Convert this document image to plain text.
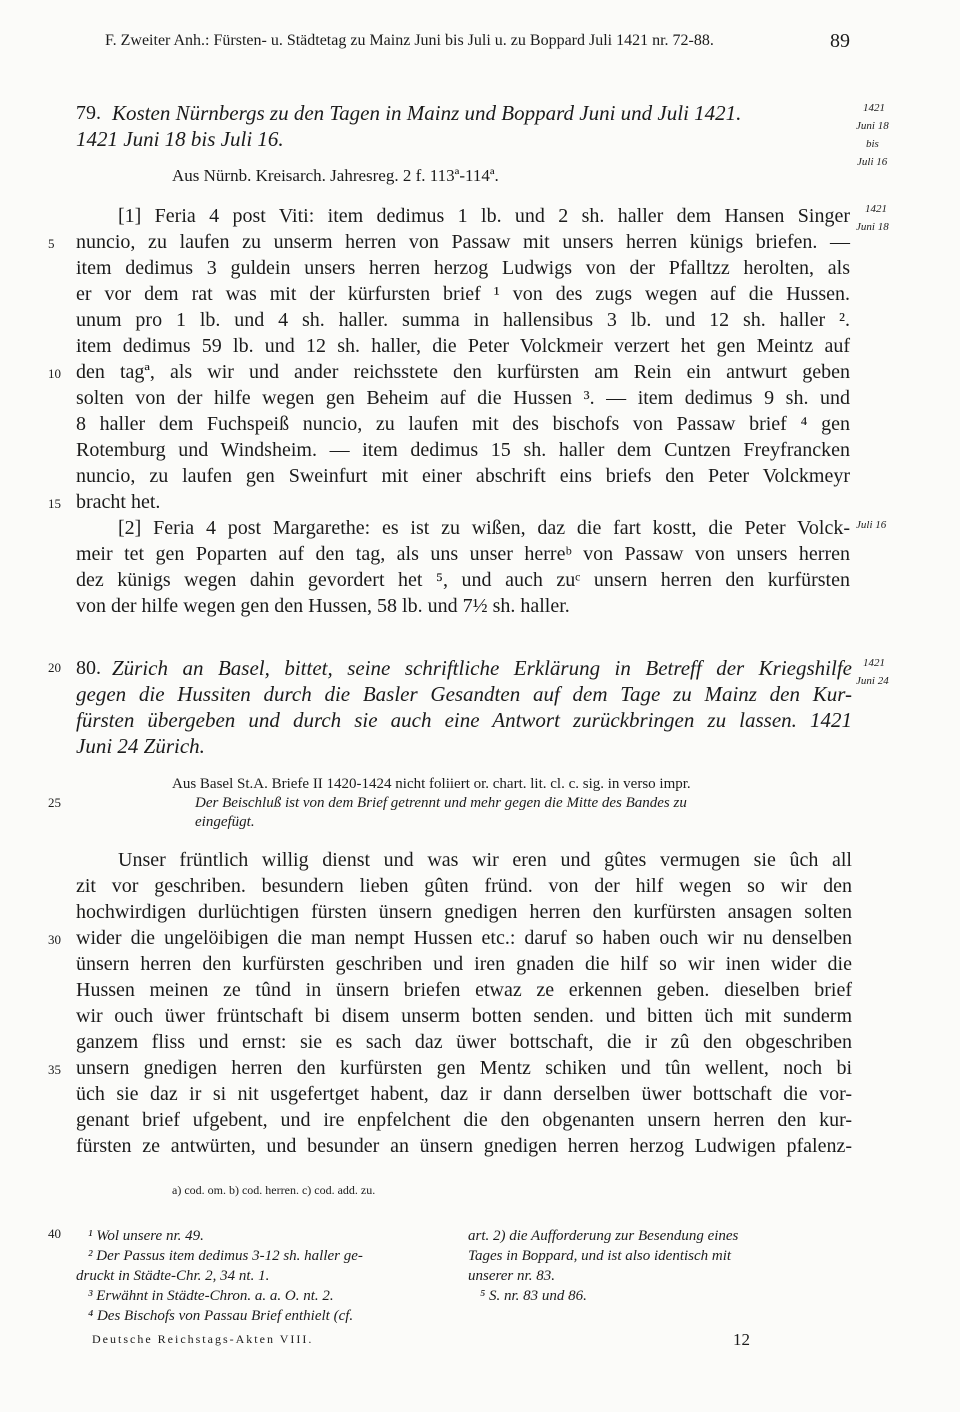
F. Zweiter Anh.: Fürsten- u. Städtetag zu Mainz Juni bis Juli u. zu Boppard Juli 1421 nr. 72-88.	89
79. Kosten Nürnbergs zu den Tagen in Mainz und Boppard Juni und Juli 1421.
1421 Juni 18 bis Juli 16.
1421
Juni 18
bis
Juli 16
Aus Nürnb. Kreisarch. Jahresreg. 2 f. 113ª-114ª.
[1] Feria 4 post Viti: item dedimus 1 lb. und 2 sh. haller dem Hansen Singer
nuncio, zu laufen zu unserm herren von Passaw mit unsers herren künigs briefen. —
item dedimus 3 guldein unsers herren herzog Ludwigs von der Pfalltzz herolten, als
er vor dem rat was mit der kürfursten brief ¹ von des zugs wegen auf die Hussen.
unum pro 1 lb. und 4 sh. haller. summa in hallensibus 3 lb. und 12 sh. haller ².
item dedimus 59 lb. und 12 sh. haller, die Peter Volckmeir verzert het gen Meintz auf
den tagª, als wir und ander reichsstete den kurfürsten am Rein ein antwurt geben
solten von der hilfe wegen gen Beheim auf die Hussen ³. — item dedimus 9 sh. und
8 haller dem Fuchspeiß nuncio, zu laufen mit des bischofs von Passaw brief ⁴ gen
Rotemburg und Windsheim. — item dedimus 15 sh. haller dem Cuntzen Freyfrancken
nuncio, zu laufen gen Sweinfurt mit einer abschrift eins briefs den Peter Volckmeyr
bracht het.
[2] Feria 4 post Margarethe: es ist zu wißen, daz die fart kostt, die Peter Volck-
meir tet gen Poparten auf den tag, als uns unser herreᵇ von Passaw von unsers herren
dez künigs wegen dahin gevordert het ⁵, und auch zuᶜ unsern herren den kurfürsten
von der hilfe wegen gen den Hussen, 58 lb. und 7½ sh. haller.
1421
Juni 18
Juli 16
80. Zürich an Basel, bittet, seine schriftliche Erklärung in Betreff der Kriegshilfe
gegen die Hussiten durch die Basler Gesandten auf dem Tage zu Mainz den Kur-
fürsten übergeben und durch sie auch eine Antwort zurückbringen zu lassen. 1421
Juni 24 Zürich.
1421
Juni 24
Aus Basel St.A. Briefe II 1420-1424 nicht foliiert or. chart. lit. cl. c. sig. in verso impr.
Der Beischluß ist von dem Brief getrennt und mehr gegen die Mitte des Bandes zu
eingefügt.
Unser früntlich willig dienst und was wir eren und gûtes vermugen sie ûch all
zit vor geschriben. besundern lieben gûten fründ. von der hilf wegen so wir den
hochwirdigen durlüchtigen fürsten ünsern gnedigen herren den kurfürsten ansagen solten
wider die ungelöibigen die man nempt Hussen etc.: daruf so haben ouch wir nu denselben
ünsern herren den kurfürsten geschriben und iren gnaden die hilf so wir inen wider die
Hussen meinen ze tûnd in ünsern briefen etwaz ze erkennen geben. dieselben brief
wir ouch üwer früntschaft bi disem unserm botten senden. und bitten üch mit sunderm
ganzem fliss und ernst: sie es sach daz üwer bottschaft, die ir zû den obgeschriben
unsern gnedigen herren den kurfürsten gen Mentz schiken und tûn wellent, noch bi
üch sie daz ir si nit usgefertget habent, daz ir dann derselben üwer bottschaft die vor-
genant brief ufgebent, und ire enpfelchent die den obgenanten unsern herren den kur-
fürsten ze antwürten, und besunder an ünsern gnedigen herren herzog Ludwigen pfalenz-
a) cod. om. b) cod. herren. c) cod. add. zu.
¹ Wol unsere nr. 49.
² Der Passus item dedimus 3-12 sh. haller ge-
druckt in Städte-Chr. 2, 34 nt. 1.
³ Erwähnt in Städte-Chron. a. a. O. nt. 2.
⁴ Des Bischofs von Passau Brief enthielt (cf.
art. 2) die Aufforderung zur Besendung eines
Tages in Boppard, und ist also identisch mit
unserer nr. 83.
⁵ S. nr. 83 und 86.
Deutsche Reichstags-Akten VIII.	12
5
10
15
20
25
30
35
40
